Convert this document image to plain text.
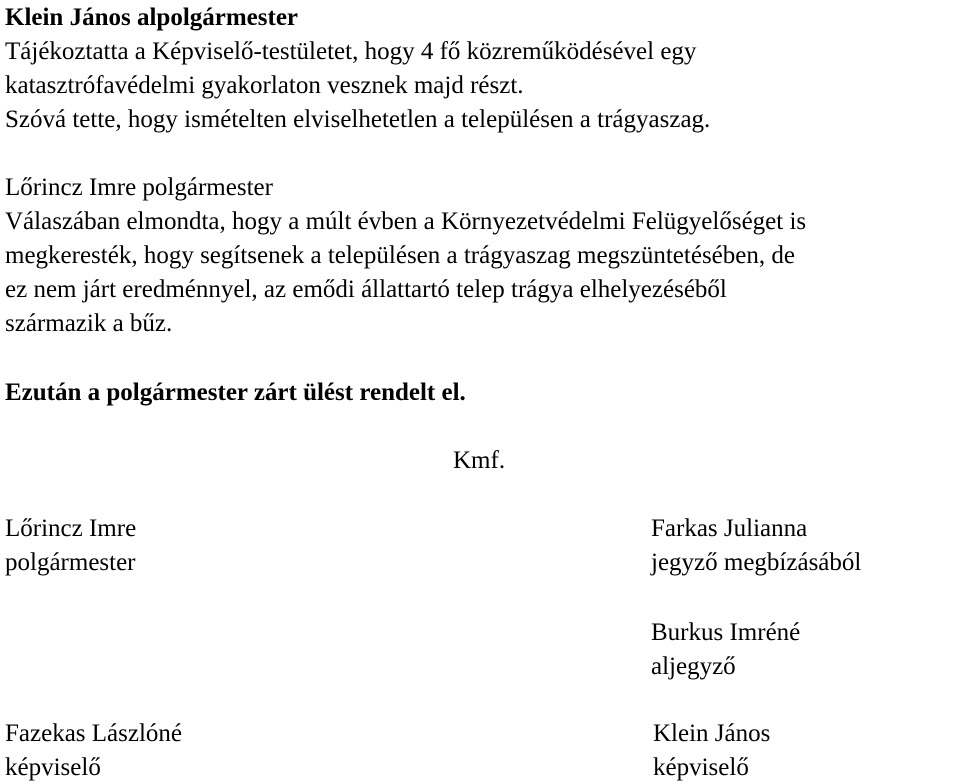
Klein János alpolgármester
Tájékoztatta a Képviselő-testületet, hogy 4 fő közreműködésével egy
katasztrófavédelmi gyakorlaton vesznek majd részt.
Szóvá tette, hogy ismételten elviselhetetlen a településen a trágyaszag.
Lőrincz Imre polgármester
Válaszában elmondta, hogy a múlt évben a Környezetvédelmi Felügyelőséget is
megkeresték, hogy segítsenek a településen a trágyaszag megszüntetésében, de
ez nem járt eredménnyel, az emődi állattartó telep trágya elhelyezéséből
származik a bűz.
Ezután a polgármester zárt ülést rendelt el.
Kmf.
Lőrincz Imre
polgármester
Farkas Julianna
jegyző megbízásából
Burkus Imréné
aljegyző
Fazekas Lászlóné
képviselő
Klein János
képviselő
